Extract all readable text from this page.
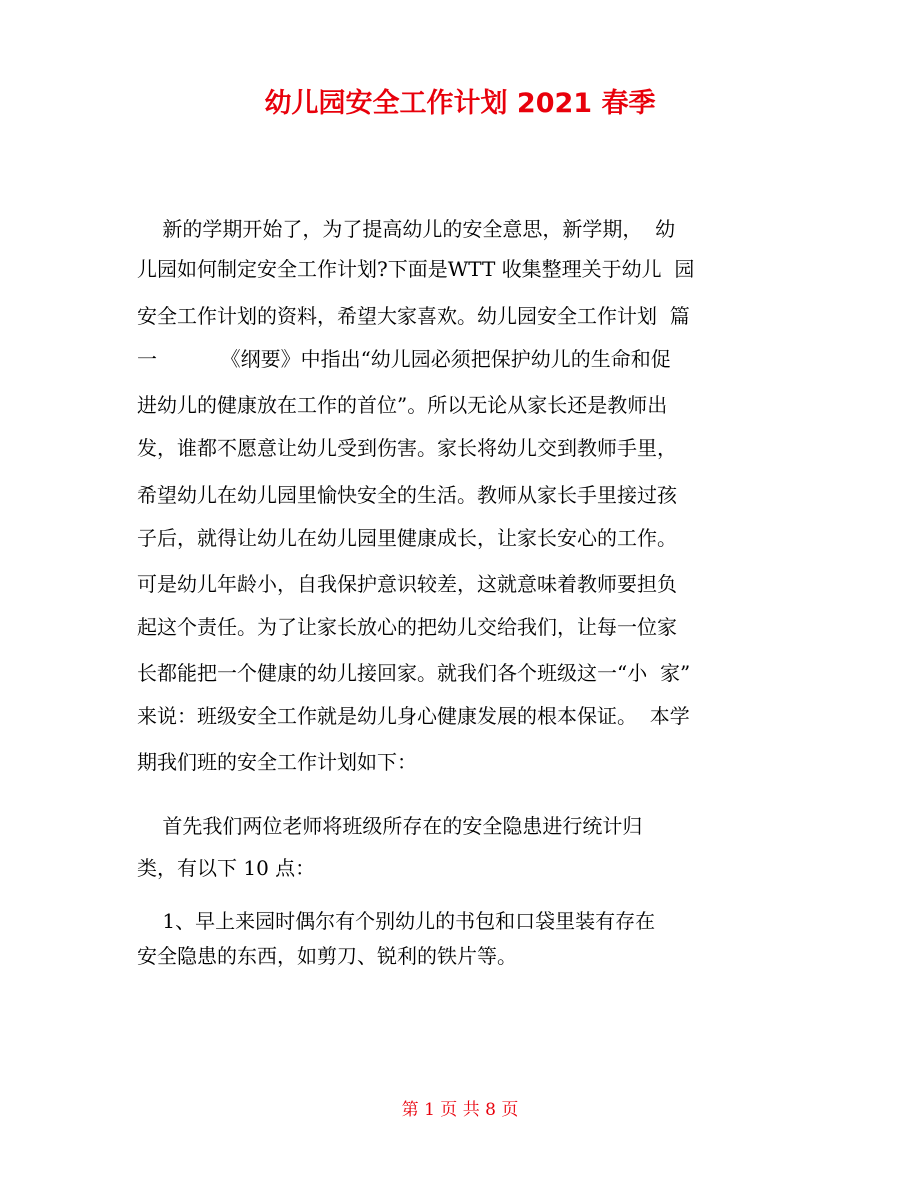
幼儿园安全工作计划 2021 春季
新的学期开始了，为了提高幼儿的安全意思，新学期，  幼
儿园如何制定安全工作计划?下面是WTT 收集整理关于幼儿  园
安全工作计划的资料，希望大家喜欢。幼儿园安全工作计划  篇
一          《纲要》中指出“幼儿园必须把保护幼儿的生命和促
进幼儿的健康放在工作的首位”。所以无论从家长还是教师出
发，谁都不愿意让幼儿受到伤害。家长将幼儿交到教师手里，
希望幼儿在幼儿园里愉快安全的生活。教师从家长手里接过孩
子后，就得让幼儿在幼儿园里健康成长，让家长安心的工作。
可是幼儿年龄小，自我保护意识较差，这就意味着教师要担负
起这个责任。为了让家长放心的把幼儿交给我们，让每一位家
长都能把一个健康的幼儿接回家。就我们各个班级这一“小  家”
来说：班级安全工作就是幼儿身心健康发展的根本保证。  本学
期我们班的安全工作计划如下：
首先我们两位老师将班级所存在的安全隐患进行统计归
类，有以下 10 点：
1、早上来园时偶尔有个别幼儿的书包和口袋里装有存在
安全隐患的东西，如剪刀、锐利的铁片等。
第 1 页 共 8 页
